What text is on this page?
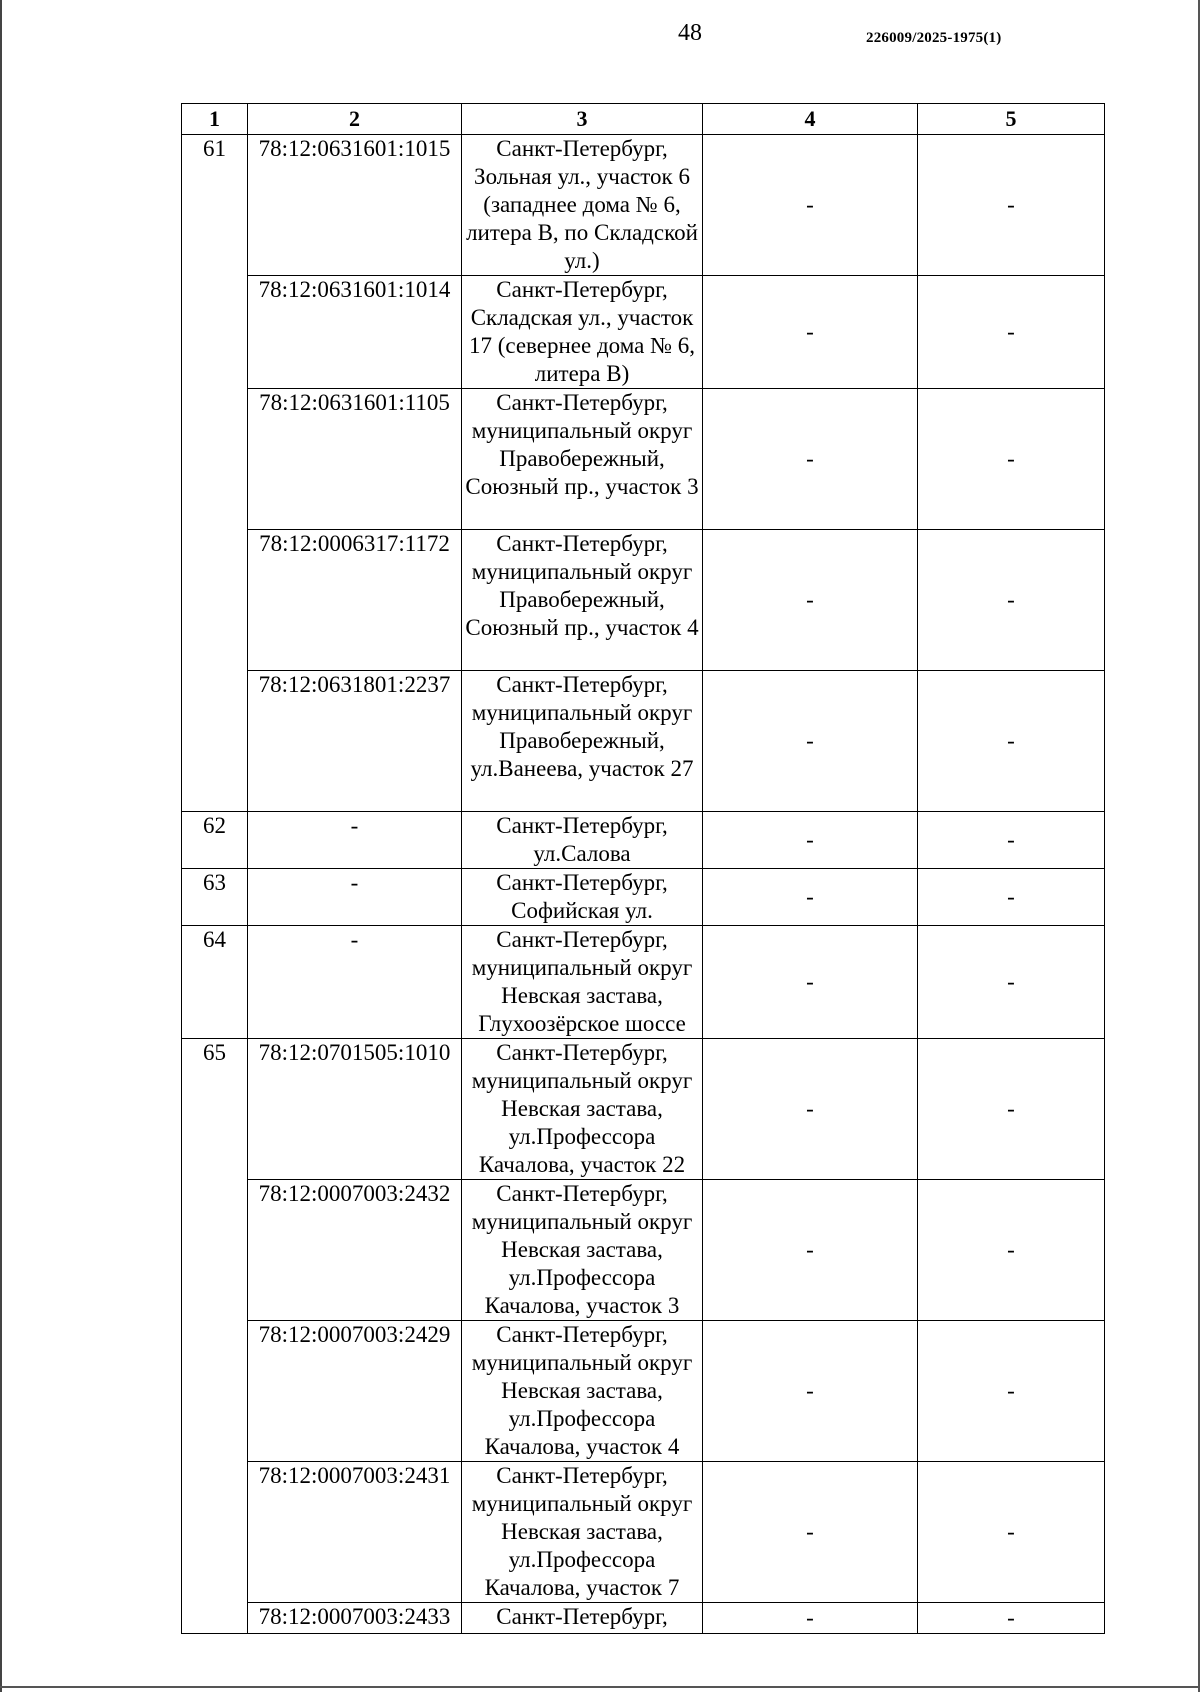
48	226009/2025-1975(1)
1	2	3	4	5
61	78:12:0631601:1015	Санкт-Петербург, Зольная ул., участок 6 (западнее дома № 6, литера В, по Складской ул.)	-	-
	78:12:0631601:1014	Санкт-Петербург, Складская ул., участок 17 (севернее дома № 6, литера В)	-	-
	78:12:0631601:1105	Санкт-Петербург, муниципальный округ Правобережный, Союзный пр., участок 3	-	-
	78:12:0006317:1172	Санкт-Петербург, муниципальный округ Правобережный, Союзный пр., участок 4	-	-
	78:12:0631801:2237	Санкт-Петербург, муниципальный округ Правобережный, ул.Ванеева, участок 27	-	-
62	-	Санкт-Петербург, ул.Салова	-	-
63	-	Санкт-Петербург, Софийская ул.	-	-
64	-	Санкт-Петербург, муниципальный округ Невская застава, Глухоозёрское шоссе	-	-
65	78:12:0701505:1010	Санкт-Петербург, муниципальный округ Невская застава, ул.Профессора Качалова, участок 22	-	-
	78:12:0007003:2432	Санкт-Петербург, муниципальный округ Невская застава, ул.Профессора Качалова, участок 3	-	-
	78:12:0007003:2429	Санкт-Петербург, муниципальный округ Невская застава, ул.Профессора Качалова, участок 4	-	-
	78:12:0007003:2431	Санкт-Петербург, муниципальный округ Невская застава, ул.Профессора Качалова, участок 7	-	-
	78:12:0007003:2433	Санкт-Петербург,	-	-
